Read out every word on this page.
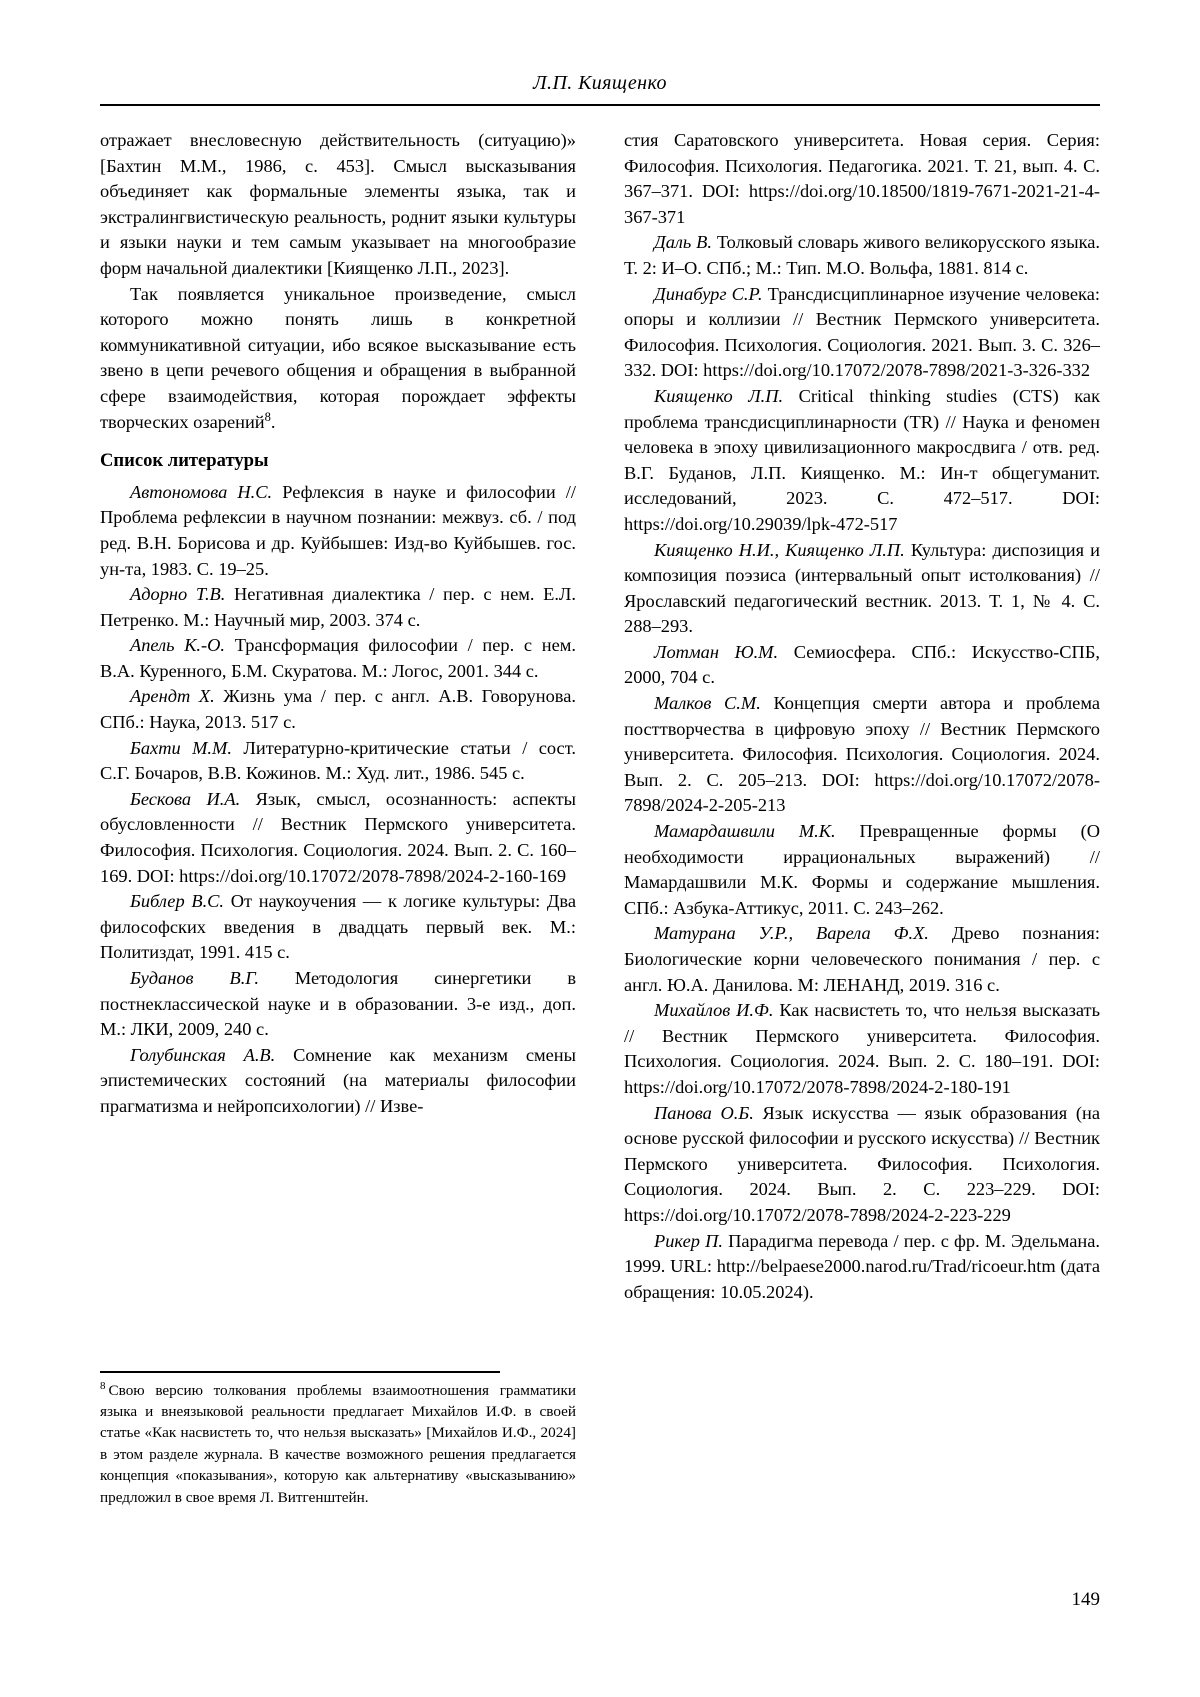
Л.П. Киященко

отражает внесловесную действительность (ситуацию)» [Бахтин М.М., 1986, с. 453]. Смысл высказывания объединяет как формальные элементы языка, так и экстралингвистическую реальность, роднит языки культуры и языки науки и тем самым указывает на многообразие форм начальной диалектики [Киященко Л.П., 2023].

Так появляется уникальное произведение, смысл которого можно понять лишь в конкретной коммуникативной ситуации, ибо всякое высказывание есть звено в цепи речевого общения и обращения в выбранной сфере взаимодействия, которая порождает эффекты творческих озарений$^8$.

Список литературы

Автономова Н.С. Рефлексия в науке и философии // Проблема рефлексии в научном познании: межвуз. сб. / под ред. В.Н. Борисова и др. Куйбышев: Изд-во Куйбышев. гос. ун-та, 1983. С. 19–25.

Адорно Т.В. Негативная диалектика / пер. с нем. Е.Л. Петренко. М.: Научный мир, 2003. 374 с.

Апель К.-О. Трансформация философии / пер. с нем. В.А. Куренного, Б.М. Скуратова. М.: Логос, 2001. 344 с.

Арендт Х. Жизнь ума / пер. с англ. А.В. Говорунова. СПб.: Наука, 2013. 517 с.

Бахти М.М. Литературно-критические статьи / сост. С.Г. Бочаров, В.В. Кожинов. М.: Худ. лит., 1986. 545 с.

Бескова И.А. Язык, смысл, осознанность: аспекты обусловленности // Вестник Пермского университета. Философия. Психология. Социология. 2024. Вып. 2. С. 160–169. DOI: https://doi.org/10.17072/2078-7898/2024-2-160-169

Библер В.С. От наукоучения — к логике культуры: Два философских введения в двадцать первый век. М.: Политиздат, 1991. 415 с.

Буданов В.Г. Методология синергетики в постнеклассической науке и в образовании. 3-е изд., доп. М.: ЛКИ, 2009, 240 с.

Голубинская А.В. Сомнение как механизм смены эпистемических состояний (на материалы философии прагматизма и нейропсихологии) // Изве-

$^8$ Свою версию толкования проблемы взаимоотношения грамматики языка и внеязыковой реальности предлагает Михайлов И.Ф. в своей статье «Как насвистеть то, что нельзя высказать» [Михайлов И.Ф., 2024] в этом разделе журнала. В качестве возможного решения предлагается концепция «показывания», которую как альтернативу «высказыванию» предложил в свое время Л. Витгенштейн.

стия Саратовского университета. Новая серия. Серия: Философия. Психология. Педагогика. 2021. Т. 21, вып. 4. С. 367–371. DOI: https://doi.org/10.18500/1819-7671-2021-21-4-367-371

Даль В. Толковый словарь живого великорусского языка. Т. 2: И–О. СПб.; М.: Тип. М.О. Вольфа, 1881. 814 с.

Динабург С.Р. Трансдисциплинарное изучение человека: опоры и коллизии // Вестник Пермского университета. Философия. Психология. Социология. 2021. Вып. 3. С. 326–332. DOI: https://doi.org/10.17072/2078-7898/2021-3-326-332

Киященко Л.П. Critical thinking studies (CTS) как проблема трансдисциплинарности (TR) // Наука и феномен человека в эпоху цивилизационного макросдвига / отв. ред. В.Г. Буданов, Л.П. Киященко. М.: Ин-т общегуманит. исследований, 2023. С. 472–517. DOI: https://doi.org/10.29039/lpk-472-517

Киященко Н.И., Киященко Л.П. Культура: диспозиция и композиция поэзиса (интервальный опыт истолкования) // Ярославский педагогический вестник. 2013. Т. 1, № 4. С. 288–293.

Лотман Ю.М. Семиосфера. СПб.: Искусство-СПБ, 2000, 704 с.

Малков С.М. Концепция смерти автора и проблема посттворчества в цифровую эпоху // Вестник Пермского университета. Философия. Психология. Социология. 2024. Вып. 2. С. 205–213. DOI: https://doi.org/10.17072/2078-7898/2024-2-205-213

Мамардашвили М.К. Превращенные формы (О необходимости иррациональных выражений) // Мамардашвили М.К. Формы и содержание мышления. СПб.: Азбука-Аттикус, 2011. С. 243–262.

Матурана У.Р., Варела Ф.Х. Древо познания: Биологические корни человеческого понимания / пер. с англ. Ю.А. Данилова. М: ЛЕНАНД, 2019. 316 с.

Михайлов И.Ф. Как насвистеть то, что нельзя высказать // Вестник Пермского университета. Философия. Психология. Социология. 2024. Вып. 2. С. 180–191. DOI: https://doi.org/10.17072/2078-7898/2024-2-180-191

Панова О.Б. Язык искусства — язык образования (на основе русской философии и русского искусства) // Вестник Пермского университета. Философия. Психология. Социология. 2024. Вып. 2. С. 223–229. DOI: https://doi.org/10.17072/2078-7898/2024-2-223-229

Рикер П. Парадигма перевода / пер. с фр. М. Эдельмана. 1999. URL: http://belpaese2000.narod.ru/Trad/ricoeur.htm (дата обращения: 10.05.2024).

149
